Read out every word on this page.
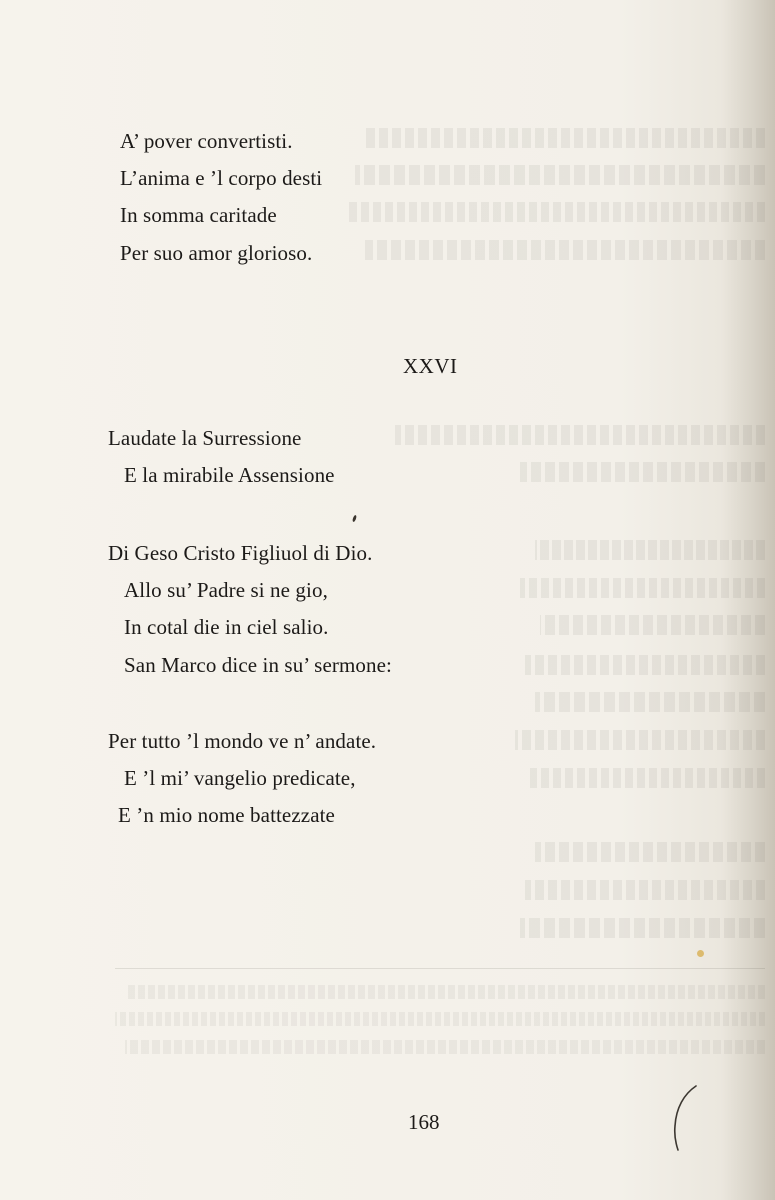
A’ pover convertisti.
L’anima e ’l corpo desti
In somma caritade
Per suo amor glorioso.
XXVI
Laudate la Surressione
E la mirabile Assensione
Di Geso Cristo Figliuol di Dio.
Allo su’ Padre si ne gio,
In cotal die in ciel salio.
San Marco dice in su’ sermone:
Per tutto ’l mondo ve n’ andate.
E ’l mi’ vangelio predicate,
E ’n mio nome battezzate
168
